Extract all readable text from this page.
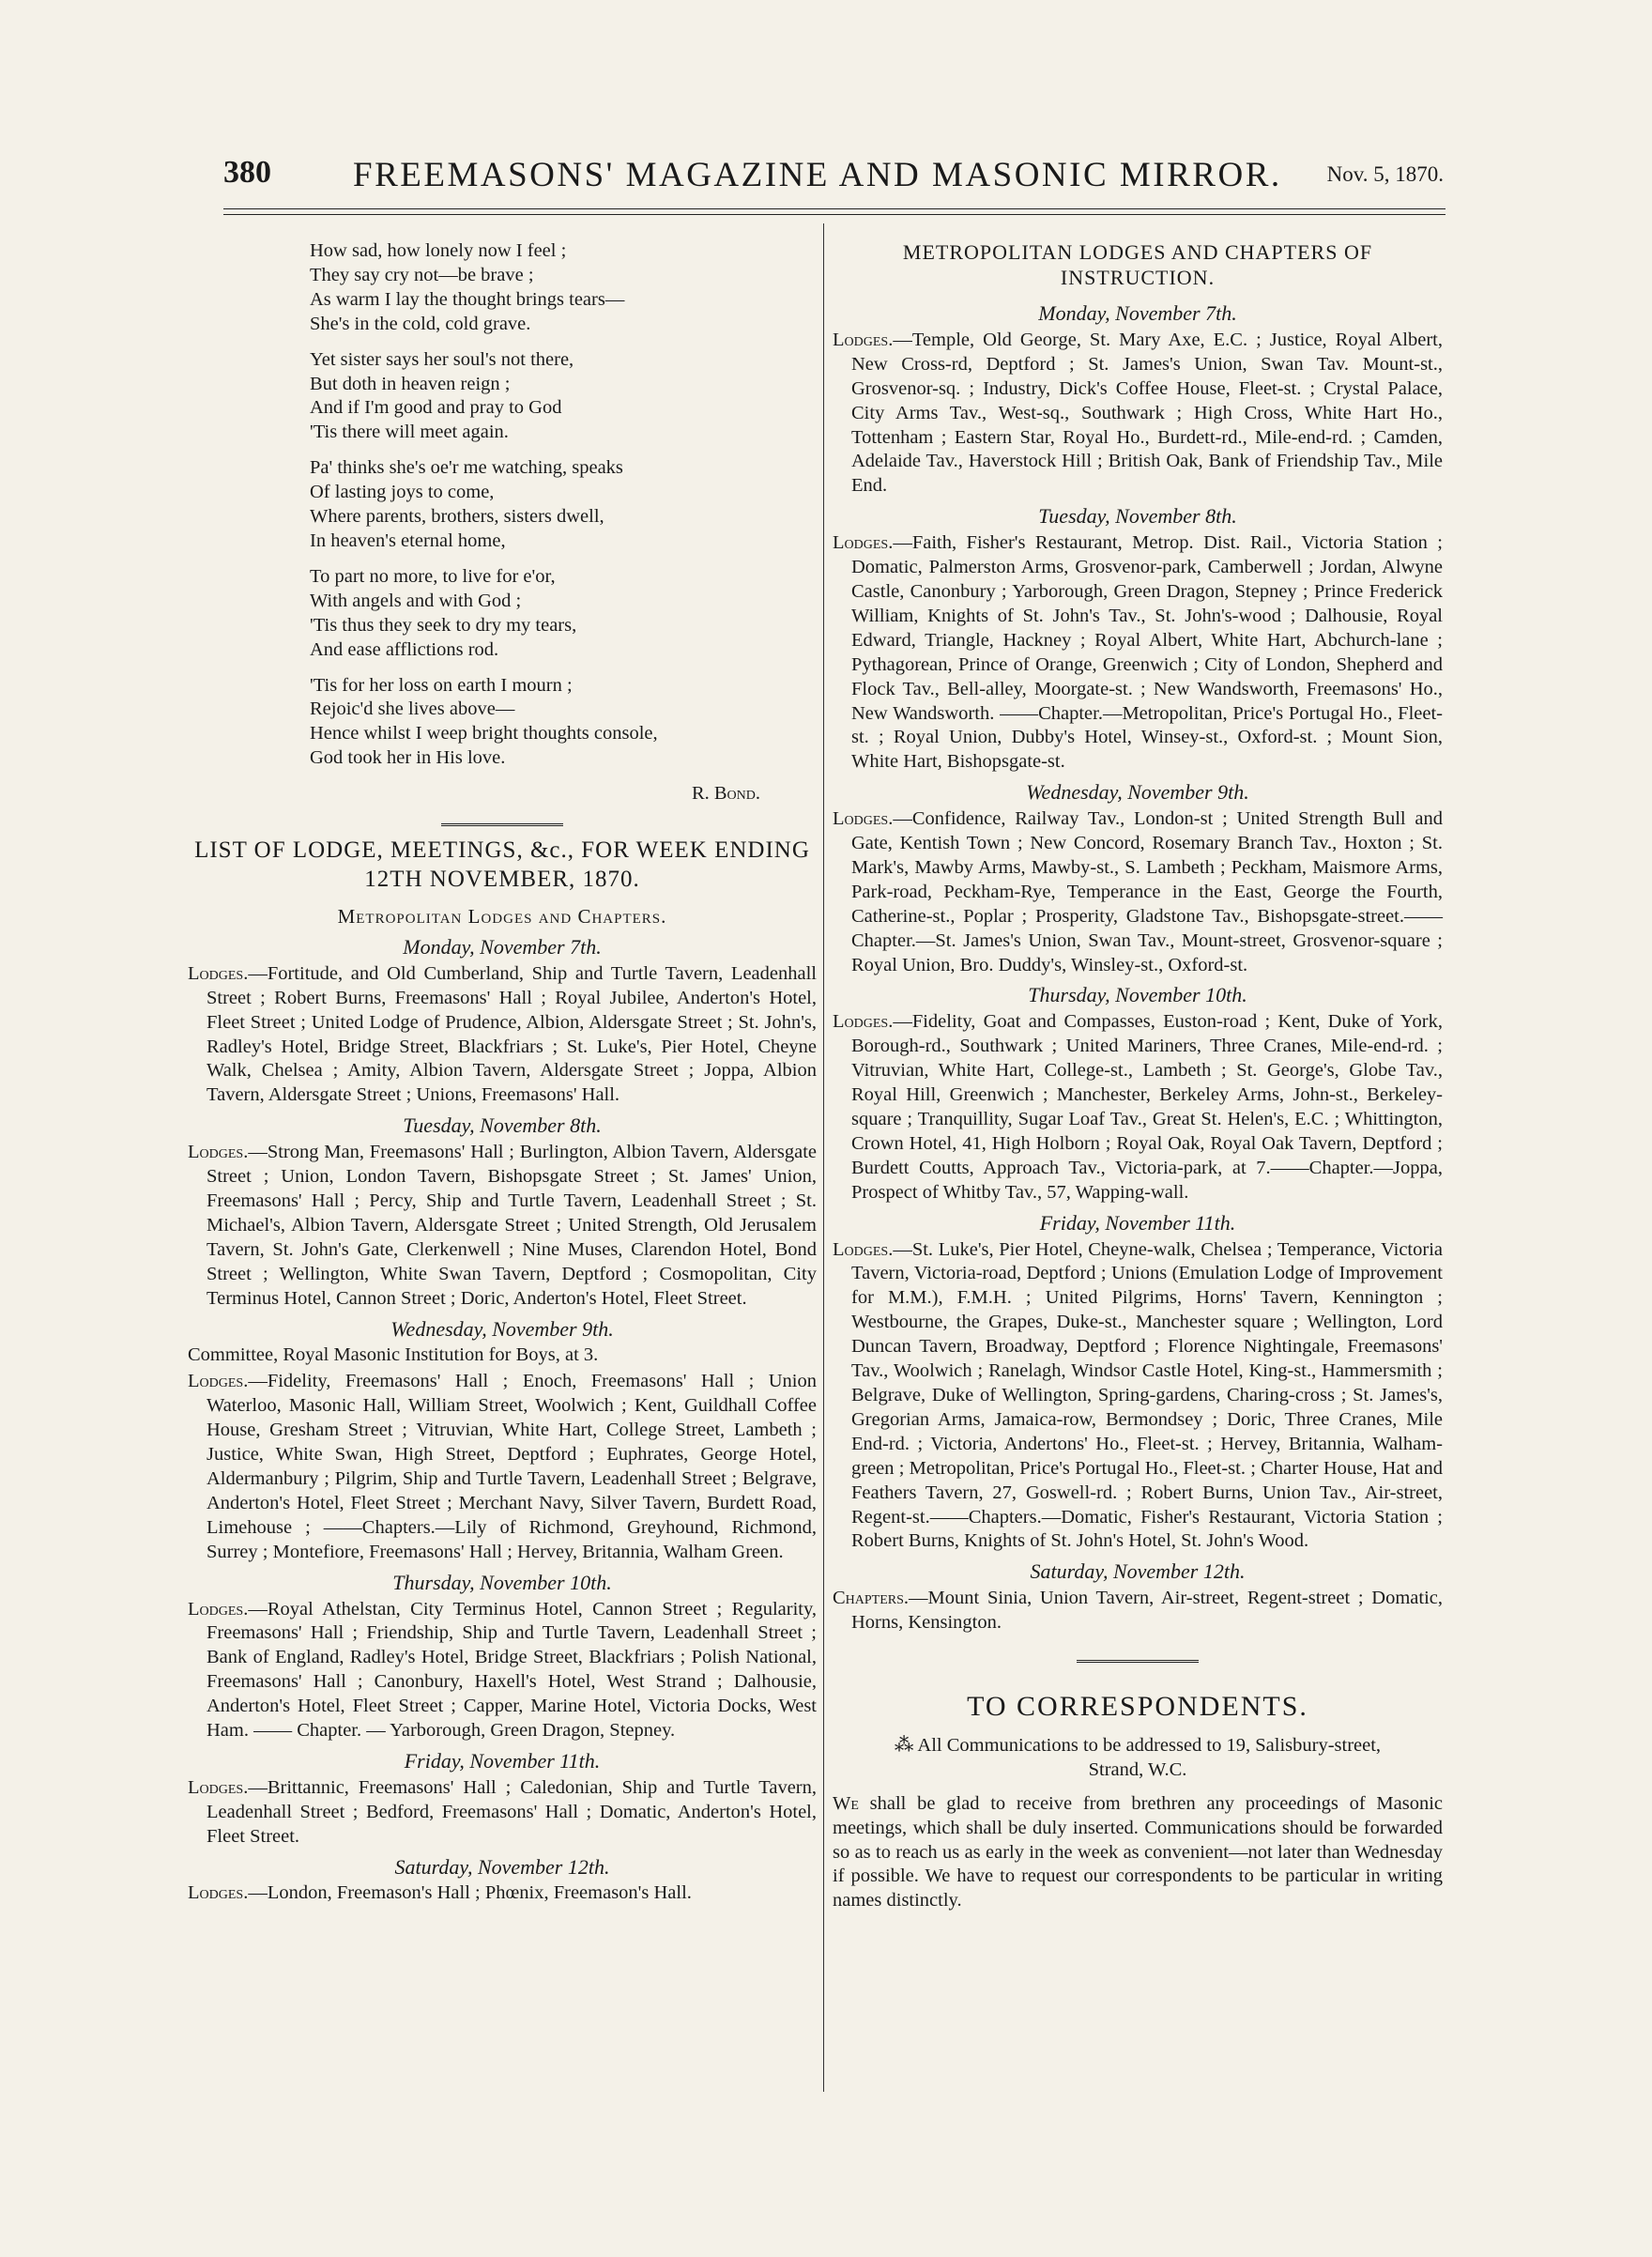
380 FREEMASONS' MAGAZINE AND MASONIC MIRROR. Nov. 5, 1870.
How sad, how lonely now I feel ;
They say cry not—be brave ;
As warm I lay the thought brings tears—
She's in the cold, cold grave.
Yet sister says her soul's not there,
But doth in heaven reign ;
And if I'm good and pray to God
'Tis there will meet again.
Pa' thinks she's oe'r me watching, speaks
Of lasting joys to come,
Where parents, brothers, sisters dwell,
In heaven's eternal home,
To part no more, to live for e'or,
With angels and with God ;
'Tis thus they seek to dry my tears,
And ease afflictions rod.
'Tis for her loss on earth I mourn ;
Rejoic'd she lives above—
Hence whilst I weep bright thoughts console,
God took her in His love.
R. Bond.
LIST OF LODGE, MEETINGS, &c., FOR WEEK ENDING 12TH NOVEMBER, 1870.
Metropolitan Lodges and Chapters.
Monday, November 7th.
Lodges.—Fortitude, and Old Cumberland, Ship and Turtle Tavern, Leadenhall Street ; Robert Burns, Freemasons' Hall ; Royal Jubilee, Anderton's Hotel, Fleet Street ; United Lodge of Prudence, Albion, Aldersgate Street ; St. John's, Radley's Hotel, Bridge Street, Blackfriars ; St. Luke's, Pier Hotel, Cheyne Walk, Chelsea ; Amity, Albion Tavern, Aldersgate Street ; Joppa, Albion Tavern, Aldersgate Street ; Unions, Freemasons' Hall.
Tuesday, November 8th.
Lodges.—Strong Man, Freemasons' Hall ; Burlington, Albion Tavern, Aldersgate Street ; Union, London Tavern, Bishopsgate Street ; St. James' Union, Freemasons' Hall ; Percy, Ship and Turtle Tavern, Leadenhall Street ; St. Michael's, Albion Tavern, Aldersgate Street ; United Strength, Old Jerusalem Tavern, St. John's Gate, Clerkenwell ; Nine Muses, Clarendon Hotel, Bond Street ; Wellington, White Swan Tavern, Deptford ; Cosmopolitan, City Terminus Hotel, Cannon Street ; Doric, Anderton's Hotel, Fleet Street.
Wednesday, November 9th.
Committee, Royal Masonic Institution for Boys, at 3.
Lodges.—Fidelity, Freemasons' Hall ; Enoch, Freemasons' Hall ; Union Waterloo, Masonic Hall, William Street, Woolwich ; Kent, Guildhall Coffee House, Gresham Street ; Vitruvian, White Hart, College Street, Lambeth ; Justice, White Swan, High Street, Deptford ; Euphrates, George Hotel, Aldermanbury ; Pilgrim, Ship and Turtle Tavern, Leadenhall Street ; Belgrave, Anderton's Hotel, Fleet Street ; Merchant Navy, Silver Tavern, Burdett Road, Limehouse ; ——Chapters.—Lily of Richmond, Greyhound, Richmond, Surrey ; Montefiore, Freemasons' Hall ; Hervey, Britannia, Walham Green.
Thursday, November 10th.
Lodges.—Royal Athelstan, City Terminus Hotel, Cannon Street ; Regularity, Freemasons' Hall ; Friendship, Ship and Turtle Tavern, Leadenhall Street ; Bank of England, Radley's Hotel, Bridge Street, Blackfriars ; Polish National, Freemasons' Hall ; Canonbury, Haxell's Hotel, West Strand ; Dalhousie, Anderton's Hotel, Fleet Street ; Capper, Marine Hotel, Victoria Docks, West Ham. —— Chapter. — Yarborough, Green Dragon, Stepney.
Friday, November 11th.
Lodges.—Brittannic, Freemasons' Hall ; Caledonian, Ship and Turtle Tavern, Leadenhall Street ; Bedford, Freemasons' Hall ; Domatic, Anderton's Hotel, Fleet Street.
Saturday, November 12th.
Lodges.—London, Freemason's Hall ; Phœnix, Freemason's Hall.
METROPOLITAN LODGES AND CHAPTERS OF INSTRUCTION.
Monday, November 7th.
Lodges.—Temple, Old George, St. Mary Axe, E.C. ; Justice, Royal Albert, New Cross-rd, Deptford ; St. James's Union, Swan Tav. Mount-st., Grosvenor-sq. ; Industry, Dick's Coffee House, Fleet-st. ; Crystal Palace, City Arms Tav., West-sq., Southwark ; High Cross, White Hart Ho., Tottenham ; Eastern Star, Royal Ho., Burdett-rd., Mile-end-rd. ; Camden, Adelaide Tav., Haverstock Hill ; British Oak, Bank of Friendship Tav., Mile End.
Tuesday, November 8th.
Lodges.—Faith, Fisher's Restaurant, Metrop. Dist. Rail., Victoria Station ; Domatic, Palmerston Arms, Grosvenor-park, Camberwell ; Jordan, Alwyne Castle, Canonbury ; Yarborough, Green Dragon, Stepney ; Prince Frederick William, Knights of St. John's Tav., St. John's-wood ; Dalhousie, Royal Edward, Triangle, Hackney ; Royal Albert, White Hart, Abchurch-lane ; Pythagorean, Prince of Orange, Greenwich ; City of London, Shepherd and Flock Tav., Bell-alley, Moorgate-st. ; New Wandsworth, Freemasons' Ho., New Wandsworth. ——Chapter.—Metropolitan, Price's Portugal Ho., Fleet-st. ; Royal Union, Dubby's Hotel, Winsey-st., Oxford-st. ; Mount Sion, White Hart, Bishopsgate-st.
Wednesday, November 9th.
Lodges.—Confidence, Railway Tav., London-st ; United Strength Bull and Gate, Kentish Town ; New Concord, Rosemary Branch Tav., Hoxton ; St. Mark's, Mawby Arms, Mawby-st., S. Lambeth ; Peckham, Maismore Arms, Park-road, Peckham-Rye, Temperance in the East, George the Fourth, Catherine-st., Poplar ; Prosperity, Gladstone Tav., Bishopsgate-street.——Chapter.—St. James's Union, Swan Tav., Mount-street, Grosvenor-square ; Royal Union, Bro. Duddy's, Winsley-st., Oxford-st.
Thursday, November 10th.
Lodges.—Fidelity, Goat and Compasses, Euston-road ; Kent, Duke of York, Borough-rd., Southwark ; United Mariners, Three Cranes, Mile-end-rd. ; Vitruvian, White Hart, College-st., Lambeth ; St. George's, Globe Tav., Royal Hill, Greenwich ; Manchester, Berkeley Arms, John-st., Berkeley-square ; Tranquillity, Sugar Loaf Tav., Great St. Helen's, E.C. ; Whittington, Crown Hotel, 41, High Holborn ; Royal Oak, Royal Oak Tavern, Deptford ; Burdett Coutts, Approach Tav., Victoria-park, at 7.——Chapter.—Joppa, Prospect of Whitby Tav., 57, Wapping-wall.
Friday, November 11th.
Lodges.—St. Luke's, Pier Hotel, Cheyne-walk, Chelsea ; Temperance, Victoria Tavern, Victoria-road, Deptford ; Unions (Emulation Lodge of Improvement for M.M.), F.M.H. ; United Pilgrims, Horns' Tavern, Kennington ; Westbourne, the Grapes, Duke-st., Manchester square ; Wellington, Lord Duncan Tavern, Broadway, Deptford ; Florence Nightingale, Freemasons' Tav., Woolwich ; Ranelagh, Windsor Castle Hotel, King-st., Hammersmith ; Belgrave, Duke of Wellington, Spring-gardens, Charing-cross ; St. James's, Gregorian Arms, Jamaica-row, Bermondsey ; Doric, Three Cranes, Mile End-rd. ; Victoria, Andertons' Ho., Fleet-st. ; Hervey, Britannia, Walham-green ; Metropolitan, Price's Portugal Ho., Fleet-st. ; Charter House, Hat and Feathers Tavern, 27, Goswell-rd. ; Robert Burns, Union Tav., Air-street, Regent-st.——Chapters.—Domatic, Fisher's Restaurant, Victoria Station ; Robert Burns, Knights of St. John's Hotel, St. John's Wood.
Saturday, November 12th.
Chapters.—Mount Sinia, Union Tavern, Air-street, Regent-street ; Domatic, Horns, Kensington.
TO CORRESPONDENTS.
⁂ All Communications to be addressed to 19, Salisbury-street, Strand, W.C.
We shall be glad to receive from brethren any proceedings of Masonic meetings, which shall be duly inserted. Communications should be forwarded so as to reach us as early in the week as convenient—not later than Wednesday if possible. We have to request our correspondents to be particular in writing names distinctly.
